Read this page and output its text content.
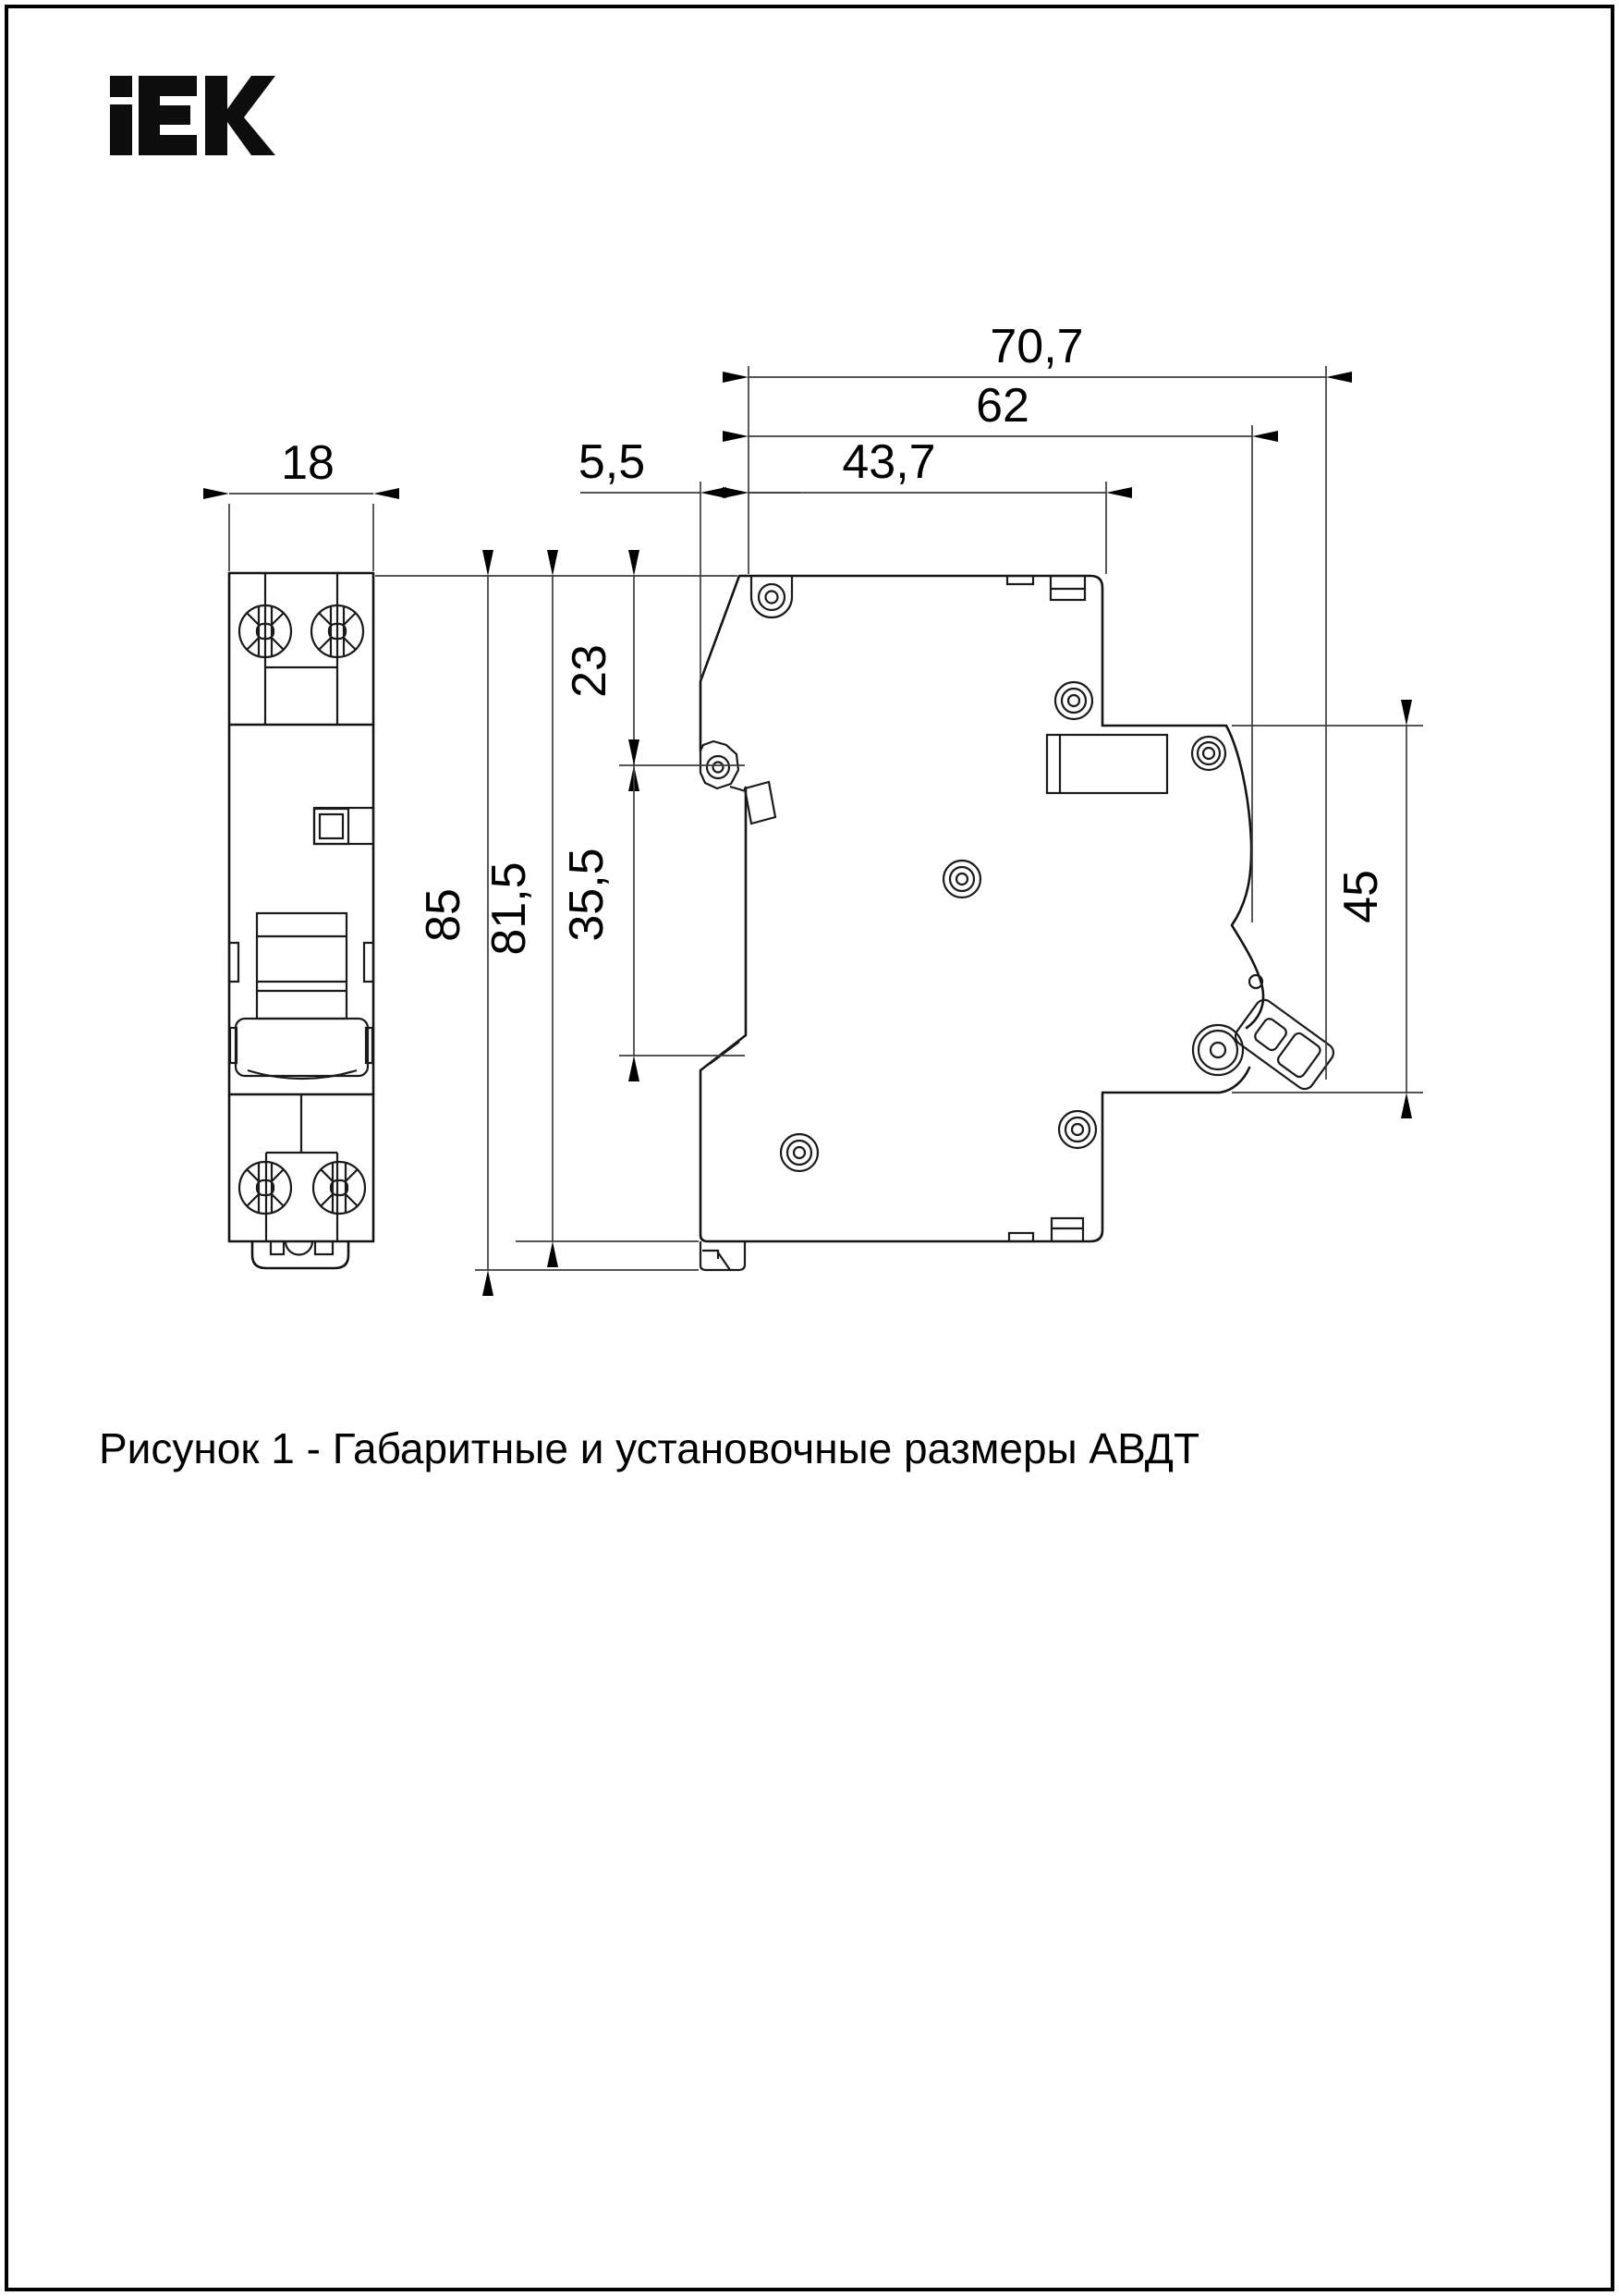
70,7
62
43,7
5,5
18
85 81,5
23
35,5	45
Рисунок 1 - Габаритные и установочные размеры АВДТ
